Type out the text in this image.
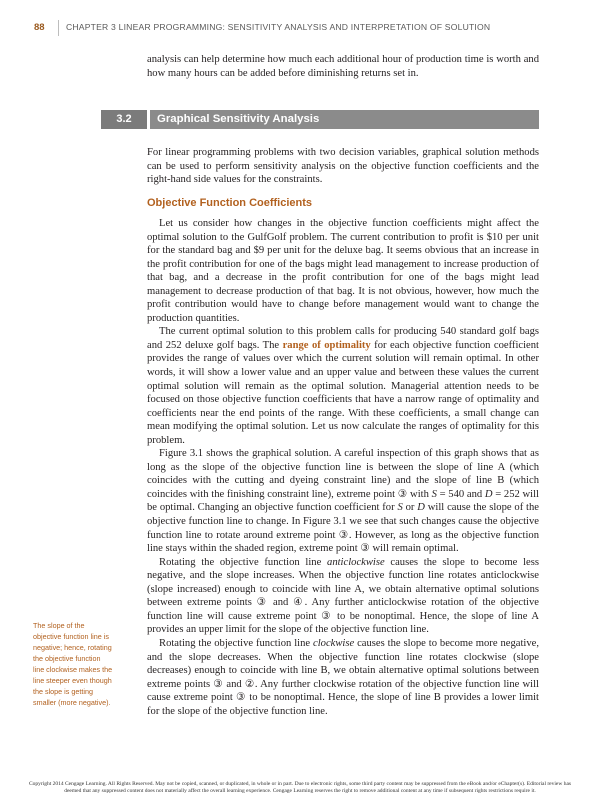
88 CHAPTER 3 LINEAR PROGRAMMING: SENSITIVITY ANALYSIS AND INTERPRETATION OF SOLUTION

analysis can help determine how much each additional hour of production time is worth and how many hours can be added before diminishing returns set in.

3.2	Graphical Sensitivity Analysis

For linear programming problems with two decision variables, graphical solution methods can be used to perform sensitivity analysis on the objective function coefficients and the right-hand side values for the constraints.

Objective Function Coefficients

Let us consider how changes in the objective function coefficients might affect the optimal solution to the GulfGolf problem. The current contribution to profit is $10 per unit for the standard bag and $9 per unit for the deluxe bag. It seems obvious that an increase in the profit contribution for one of the bags might lead management to increase production of that bag, and a decrease in the profit contribution for one of the bags might lead management to decrease production of that bag. It is not obvious, however, how much the profit contribution would have to change before management would want to change the production quantities.

The current optimal solution to this problem calls for producing 540 standard golf bags and 252 deluxe golf bags. The range of optimality for each objective function coefficient provides the range of values over which the current solution will remain optimal. In other words, it will show a lower value and an upper value and between these values the current optimal solution will remain as the optimal solution. Managerial attention needs to be focused on those objective function coefficients that have a narrow range of optimality and coefficients near the end points of the range. With these coefficients, a small change can mean modifying the optimal solution. Let us now calculate the ranges of optimality for this problem.

Figure 3.1 shows the graphical solution. A careful inspection of this graph shows that as long as the slope of the objective function line is between the slope of line A (which coincides with the cutting and dyeing constraint line) and the slope of line B (which coincides with the finishing constraint line), extreme point ③ with S = 540 and D = 252 will be optimal. Changing an objective function coefficient for S or D will cause the slope of the objective function line to change. In Figure 3.1 we see that such changes cause the objective function line to rotate around extreme point ③. However, as long as the objective function line stays within the shaded region, extreme point ③ will remain optimal.

Rotating the objective function line anticlockwise causes the slope to become less negative, and the slope increases. When the objective function line rotates anticlockwise (slope increased) enough to coincide with line A, we obtain alternative optimal solutions between extreme points ③ and ④. Any further anticlockwise rotation of the objective function line will cause extreme point ③ to be nonoptimal. Hence, the slope of line A provides an upper limit for the slope of the objective function line.

Rotating the objective function line clockwise causes the slope to become more negative, and the slope decreases. When the objective function line rotates clockwise (slope decreases) enough to coincide with line B, we obtain alternative optimal solutions between extreme points ③ and ②. Any further clockwise rotation of the objective function line will cause extreme point ③ to be nonoptimal. Hence, the slope of line B provides a lower limit for the slope of the objective function line.

The slope of the objective function line is negative; hence, rotating the objective function line clockwise makes the line steeper even though the slope is getting smaller (more negative).
Copyright 2014 Cengage Learning. All Rights Reserved. May not be copied, scanned, or duplicated, in whole or in part. Due to electronic rights, some third party content may be suppressed from the eBook and/or eChapter(s). Editorial review has deemed that any suppressed content does not materially affect the overall learning experience. Cengage Learning reserves the right to remove additional content at any time if subsequent rights restrictions require it.
